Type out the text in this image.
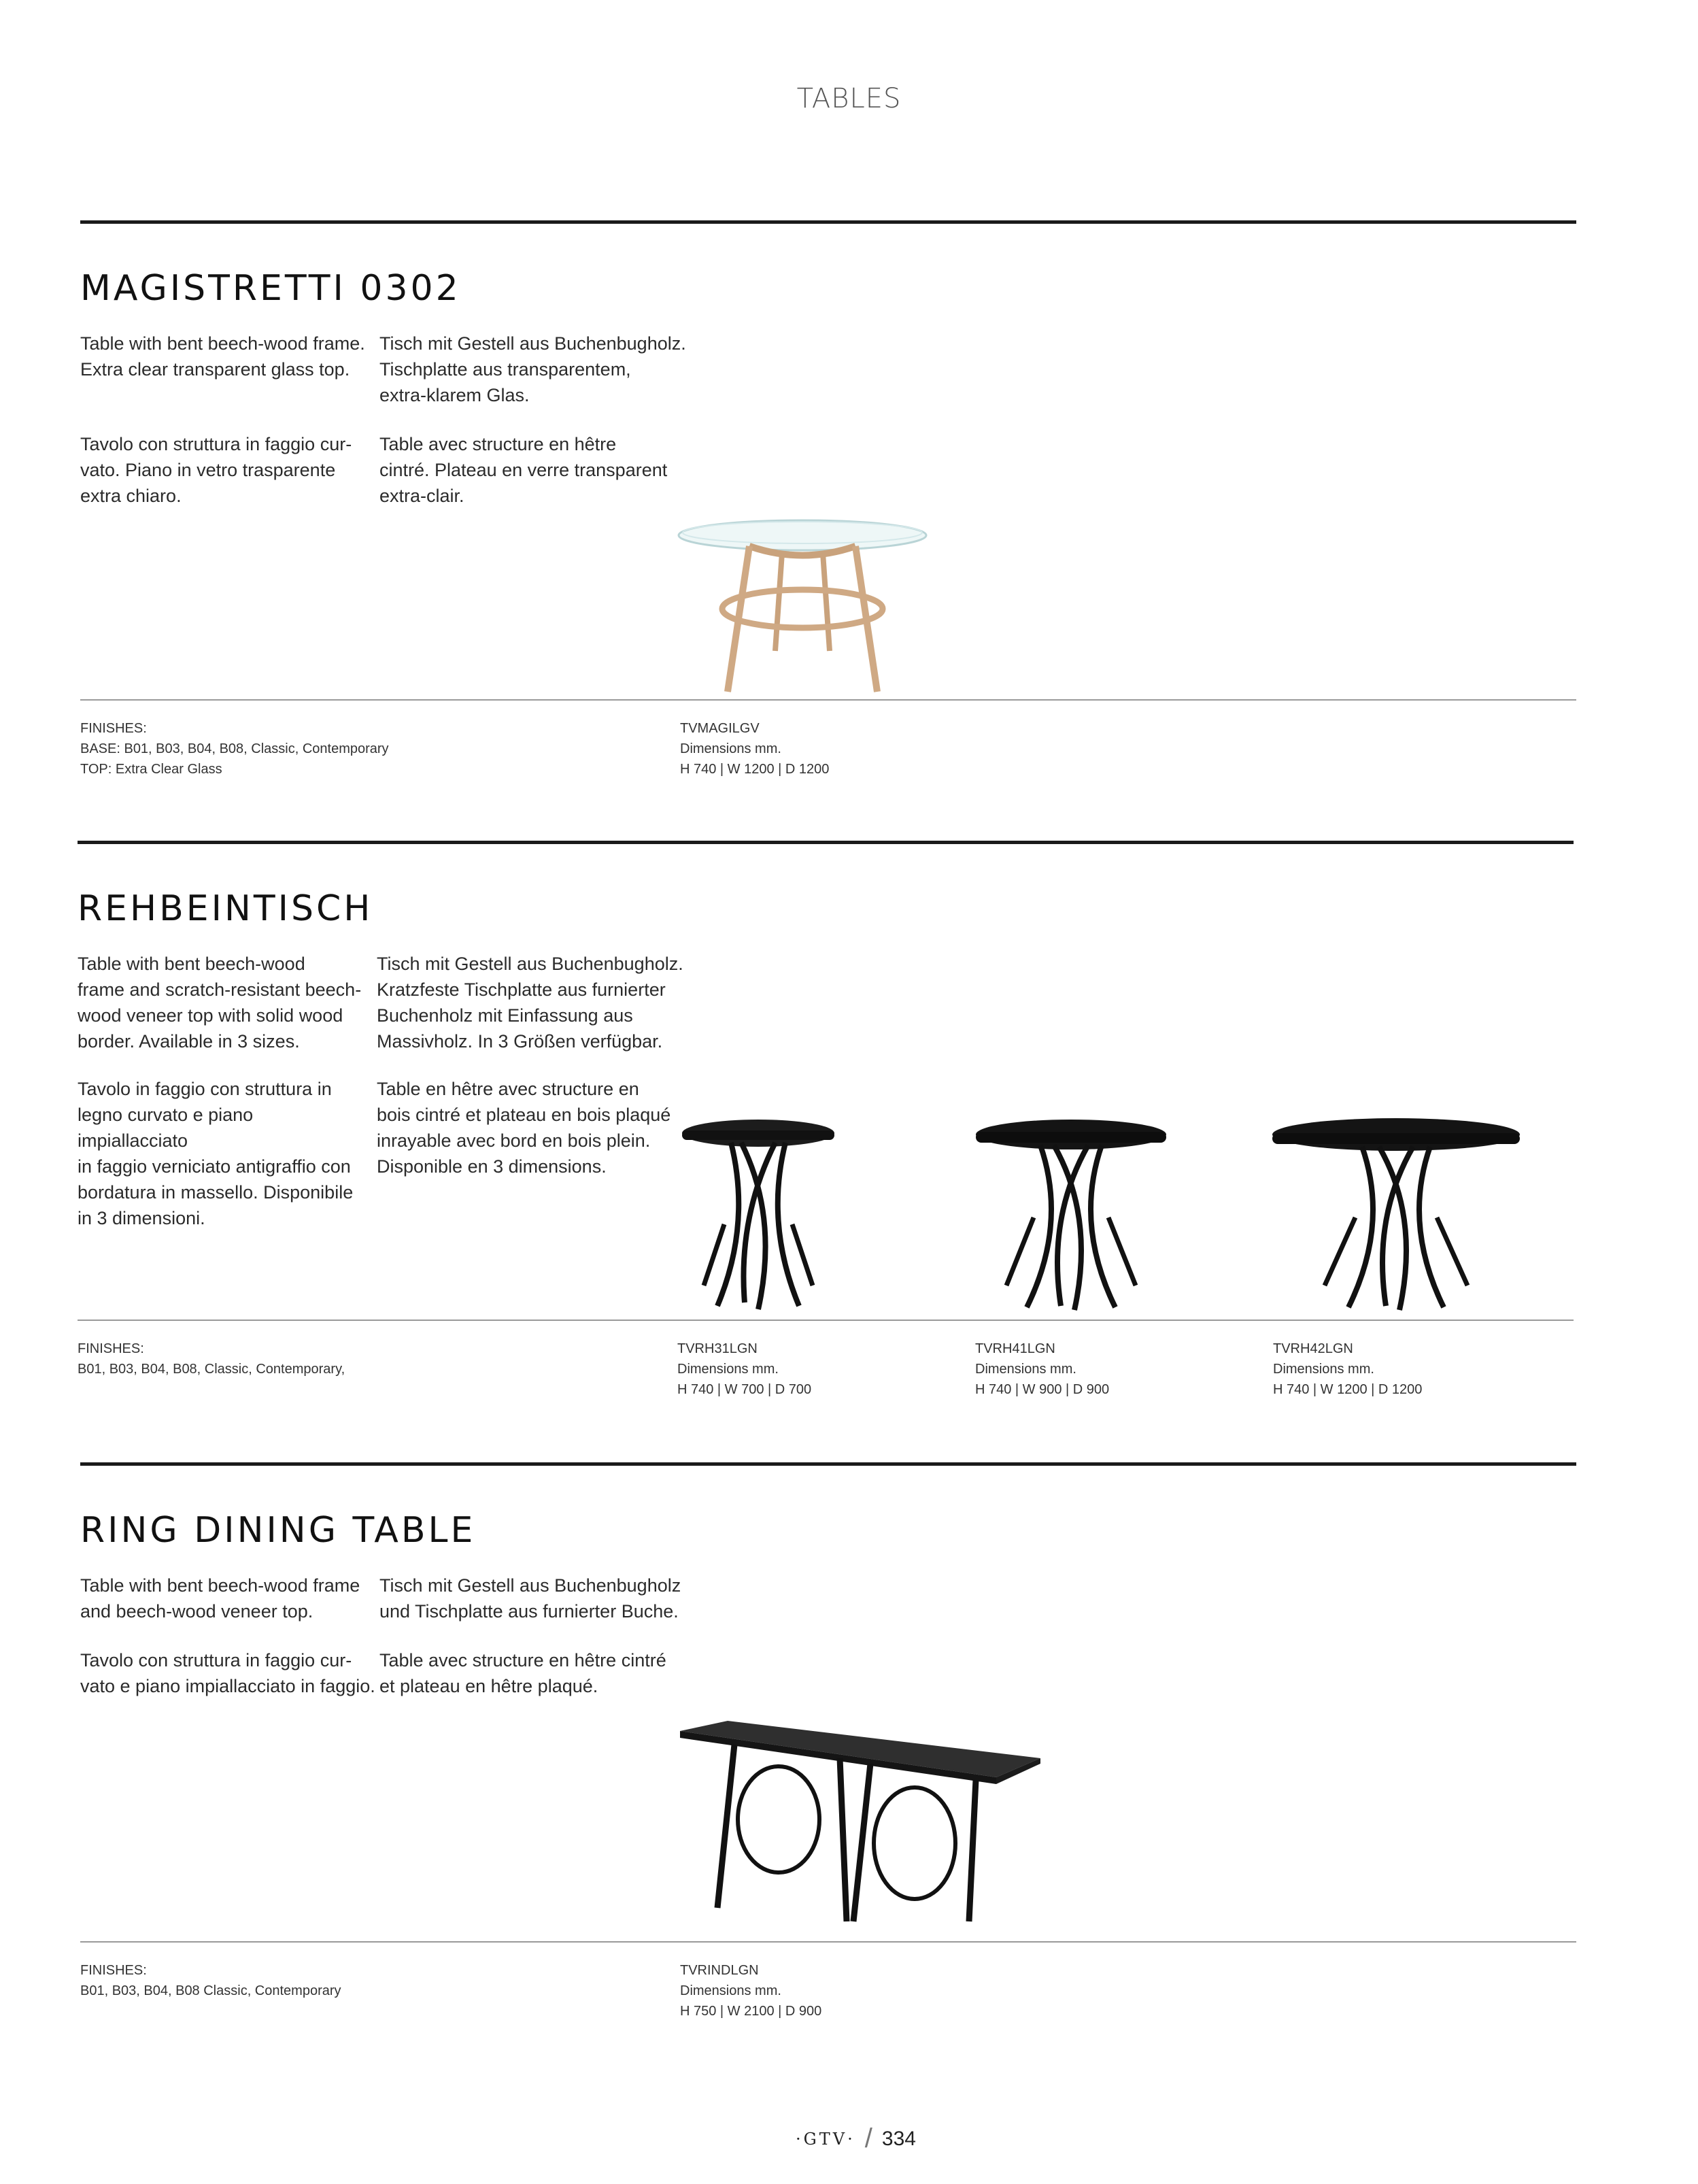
TABLES
MAGISTRETTI 0302
Table with bent beech-wood frame.
Extra clear transparent glass top.
Tisch mit Gestell aus Buchenbugholz.
Tischplatte aus transparentem,
extra-klarem Glas.
Tavolo con struttura in faggio cur-
vato. Piano in vetro trasparente
extra chiaro.
Table avec structure en hêtre
cintré. Plateau en verre transparent
extra-clair.
FINISHES:
BASE: B01, B03, B04, B08, Classic, Contemporary
TOP: Extra Clear Glass
TVMAGILGV
Dimensions mm.
H 740 | W 1200 | D 1200
REHBEINTISCH
Table with bent beech-wood
frame and scratch-resistant beech-
wood veneer top with solid wood
border. Available in 3 sizes.
Tisch mit Gestell aus Buchenbugholz.
Kratzfeste Tischplatte aus furnierter
Buchenholz mit Einfassung aus
Massivholz. In 3 Größen verfügbar.
Tavolo in faggio con struttura in
legno curvato e piano impiallacciato
in faggio verniciato antigraffio con
bordatura in massello. Disponibile
in 3 dimensioni.
Table en hêtre avec structure en
bois cintré et plateau en bois plaqué
inrayable avec bord en bois plein.
Disponible en 3 dimensions.
FINISHES:
B01, B03, B04, B08, Classic, Contemporary,
TVRH31LGN
Dimensions mm.
H 740 | W 700 | D 700
TVRH41LGN
Dimensions mm.
H 740 | W 900 | D 900
TVRH42LGN
Dimensions mm.
H 740 | W 1200 | D 1200
RING DINING TABLE
Table with bent beech-wood frame
and beech-wood veneer top.
Tisch mit Gestell aus Buchenbugholz
und Tischplatte aus furnierter Buche.
Tavolo con struttura in faggio cur-
vato e piano impiallacciato in faggio.
Table avec structure en hêtre cintré
et plateau en hêtre plaqué.
FINISHES:
B01, B03, B04, B08 Classic, Contemporary
TVRINDLGN
Dimensions mm.
H 750 | W 2100 | D 900
·GTV· / 334
